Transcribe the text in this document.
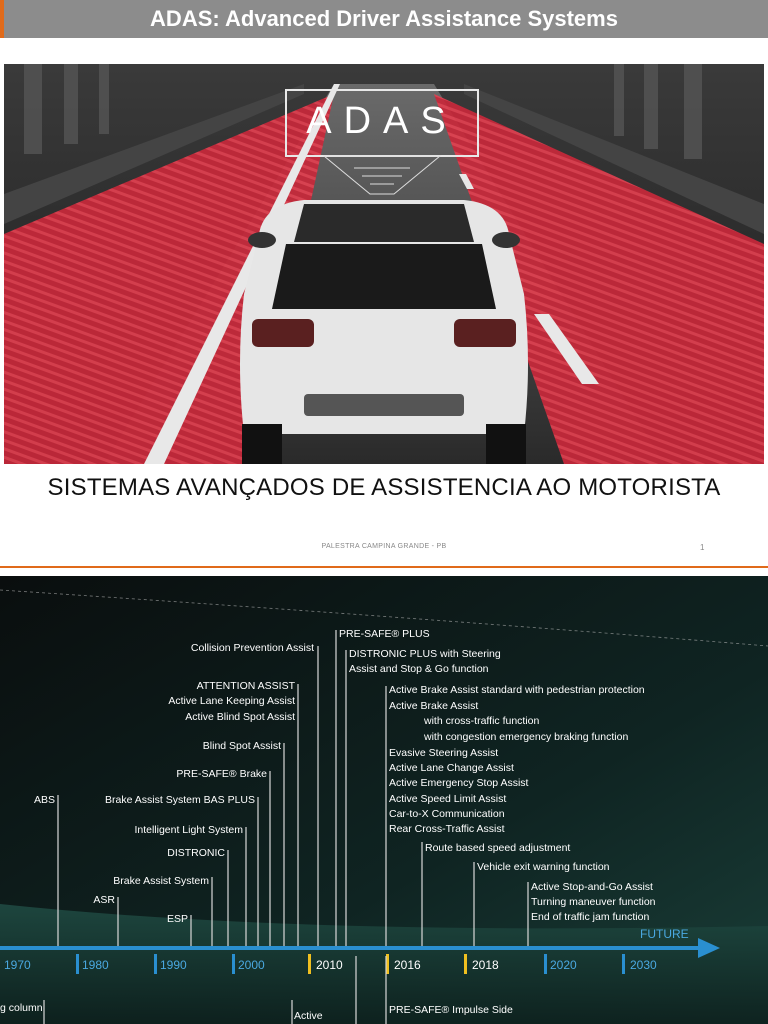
ADAS: Advanced Driver Assistance Systems
ADAS
SISTEMAS AVANÇADOS DE ASSISTENCIA AO MOTORISTA
PALESTRA CAMPINA GRANDE - PB	1
Collision Prevention Assist
ATTENTION ASSIST
Active Lane Keeping Assist
Active Blind Spot Assist
Blind Spot Assist
PRE-SAFE® Brake
ABS	Brake Assist System BAS PLUS
Intelligent Light System
DISTRONIC
Brake Assist System
ASR
ESP
PRE-SAFE® PLUS
DISTRONIC PLUS with Steering
Assist and Stop & Go function
Active Brake Assist standard with pedestrian protection
Active Brake Assist
with cross-traffic function
with congestion emergency braking function
Evasive Steering Assist
Active Lane Change Assist
Active Emergency Stop Assist
Active Speed Limit Assist
Car-to-X Communication
Rear Cross-Traffic Assist
Route based speed adjustment
Vehicle exit warning function
Active Stop-and-Go Assist
Turning maneuver function
End of traffic jam function
1970	1980	1990	2000	2010	2016	2018	2020	2030
FUTURE
g column
Active	PRE-SAFE® Impulse Side
